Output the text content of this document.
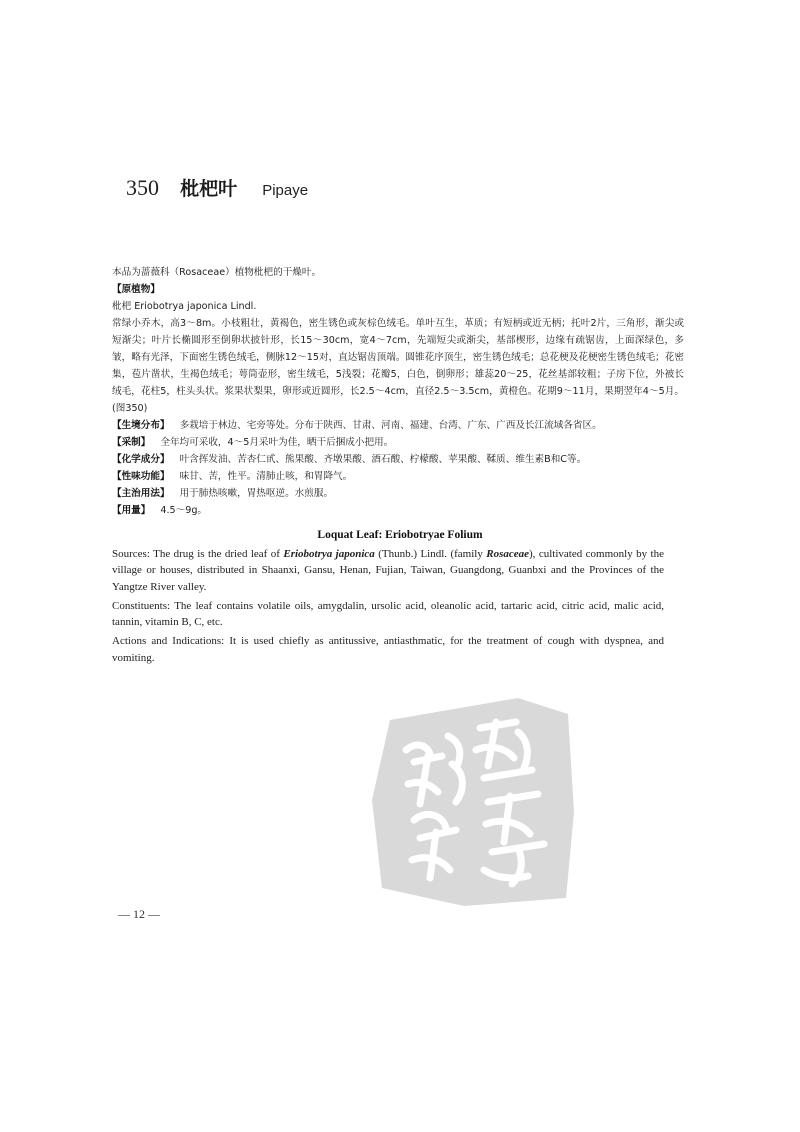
350 枇杷叶 Pipaye

本品为蔷薇科（Rosaceae）植物枇杷的干燥叶。

【原植物】

枇杷 Eriobotrya japonica Lindl.

常绿小乔木，高3～8m。小枝粗壮，黄褐色，密生锈色或灰棕色绒毛。单叶互生，革质；有短柄或近无柄；托叶2片，三角形，渐尖或短渐尖；叶片长椭圆形至倒卵状披针形，长15～30cm，宽4～7cm，先端短尖或渐尖，基部楔形，边缘有疏锯齿，上面深绿色，多皱，略有光泽，下面密生锈色绒毛，侧脉12～15对，直达锯齿顶端。圆锥花序顶生，密生锈色绒毛；总花梗及花梗密生锈色绒毛；花密集，苞片凿状，生褐色绒毛；萼筒壶形，密生绒毛，5浅裂；花瓣5，白色，倒卵形；雄蕊20～25，花丝基部较粗；子房下位，外被长绒毛，花柱5，柱头头状。浆果状梨果，卵形或近圆形，长2.5～4cm，直径2.5～3.5cm，黄橙色。花期9～11月，果期翌年4～5月。(图350)

【生境分布】 多栽培于林边、宅旁等处。分布于陕西、甘肃、河南、福建、台湾、广东、广西及长江流域各省区。

【采制】 全年均可采收，4～5月采叶为佳，晒干后捆成小把用。

【化学成分】 叶含挥发油、苦杏仁甙、熊果酸、齐墩果酸、酒石酸、柠檬酸、苹果酸、鞣质、维生素B和C等。

【性味功能】 味甘、苦，性平。清肺止咳，和胃降气。

【主治用法】 用于肺热咳嗽，胃热呕逆。水煎服。

【用量】 4.5～9g。

Loquat Leaf: Eriobotryae Folium

Sources: The drug is the dried leaf of Eriobotrya japonica (Thunb.) Lindl. (family Rosaceae), cultivated commonly by the village or houses, distributed in Shaanxi, Gansu, Henan, Fujian, Taiwan, Guangdong, Guanbxi and the Provinces of the Yangtze River valley.

Constituents: The leaf contains volatile oils, amygdalin, ursolic acid, oleanolic acid, tartaric acid, citric acid, malic acid, tannin, vitamin B, C, etc.

Actions and Indications: It is used chiefly as antitussive, antiasthmatic, for the treatment of cough with dyspnea, and vomiting.

— 12 —
